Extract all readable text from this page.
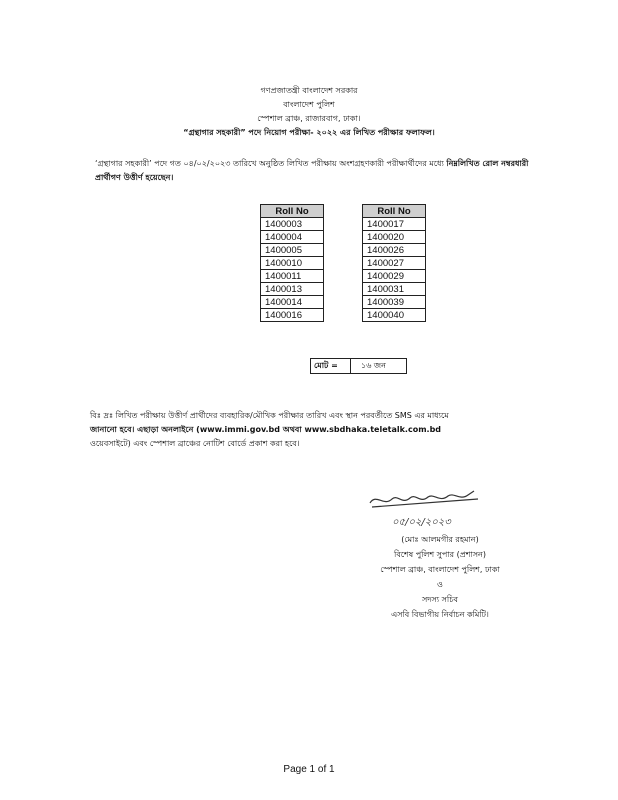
গণপ্রজাতন্ত্রী বাংলাদেশ সরকার
বাংলাদেশ পুলিশ
স্পেশাল ব্রাঞ্চ, রাজারবাগ, ঢাকা।
“গ্রন্থাগার সহকারী” পদে নিয়োগ পরীক্ষা- ২০২২ এর লিখিত পরীক্ষার ফলাফল।
‘গ্রন্থাগার সহকারী’ পদে গত ০৪/০২/২০২৩ তারিখে অনুষ্ঠিত লিখিত পরীক্ষায় অংশগ্রহণকারী পরীক্ষার্থীদের মধ্যে নিম্নলিখিত রোল নম্বরধারী প্রার্থীগণ উত্তীর্ণ হয়েছেন।
Roll No
1400003
1400004
1400005
1400010
1400011
1400013
1400014
1400016
Roll No
1400017
1400020
1400026
1400027
1400029
1400031
1400039
1400040
মোট =	১৬ জন
বিঃ দ্রঃ লিখিত পরীক্ষায় উত্তীর্ণ প্রার্থীদের ব্যবহারিক/মৌখিক পরীক্ষার তারিখ এবং স্থান পরবর্তীতে SMS এর মাধ্যমে
জানানো হবে। এছাড়া অনলাইনে (www.immi.gov.bd অথবা www.sbdhaka.teletalk.com.bd
ওয়েবসাইটে) এবং স্পেশাল ব্রাঞ্চের নোটিশ বোর্ডে প্রকাশ করা হবে।
০৫/০২/২০২৩
(মোঃ আলমগীর রহমান)
বিশেষ পুলিশ সুপার (প্রশাসন)
স্পেশাল ব্রাঞ্চ, বাংলাদেশ পুলিশ, ঢাকা
ও
সদস্য সচিব
এসবি বিভাগীয় নির্বাচন কমিটি।
Page 1 of 1
